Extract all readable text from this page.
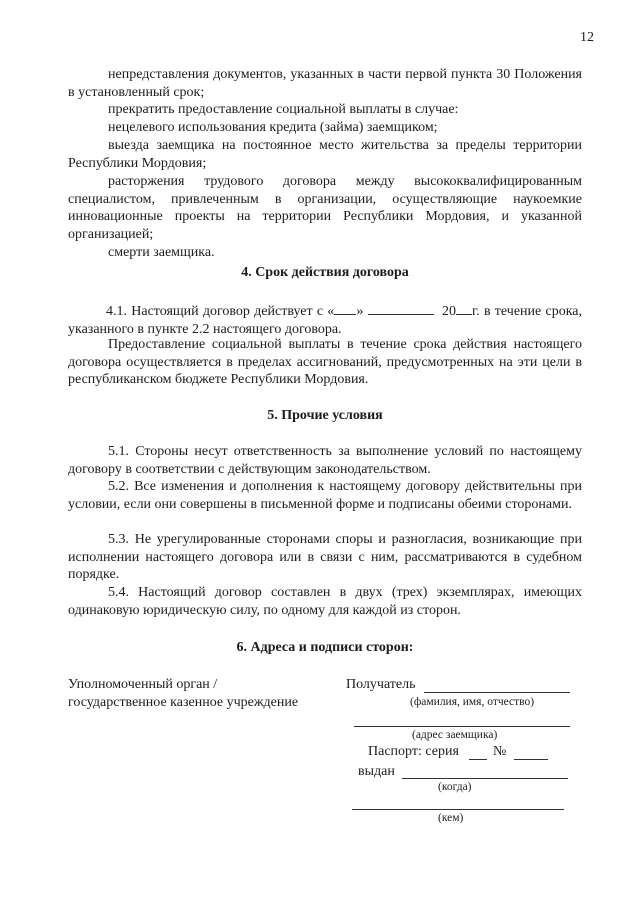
12
непредставления документов, указанных в части первой пункта 30 Положения в установленный срок;
прекратить предоставление социальной выплаты в случае:
нецелевого использования кредита (займа) заемщиком;
выезда заемщика на постоянное место жительства за пределы территории Республики Мордовия;
расторжения трудового договора между высококвалифицированным специалистом, привлеченным в организации, осуществляющие наукоемкие инновационные проекты на территории Республики Мордовия, и указанной организацией;
смерти заемщика.
4. Срок действия договора
4.1. Настоящий договор действует с « »	20 г. в течение срока, указанного в пункте 2.2 настоящего договора.
Предоставление социальной выплаты в течение срока действия настоящего договора осуществляется в пределах ассигнований, предусмотренных на эти цели в республиканском бюджете Республики Мордовия.
5. Прочие условия
5.1. Стороны несут ответственность за выполнение условий по настоящему договору в соответствии с действующим законодательством.
5.2. Все изменения и дополнения к настоящему договору действительны при условии, если они совершены в письменной форме и подписаны обеими сторонами.
5.3. Не урегулированные сторонами споры и разногласия, возникающие при исполнении настоящего договора или в связи с ним, рассматриваются в судебном порядке.
5.4. Настоящий договор составлен в двух (трех) экземплярах, имеющих одинаковую юридическую силу, по одному для каждой из сторон.
6. Адреса и подписи сторон:
Уполномоченный орган /
государственное казенное учреждение
Получатель
(фамилия, имя, отчество)
(адрес заемщика)
Паспорт: серия №
выдан
(когда)
(кем)
